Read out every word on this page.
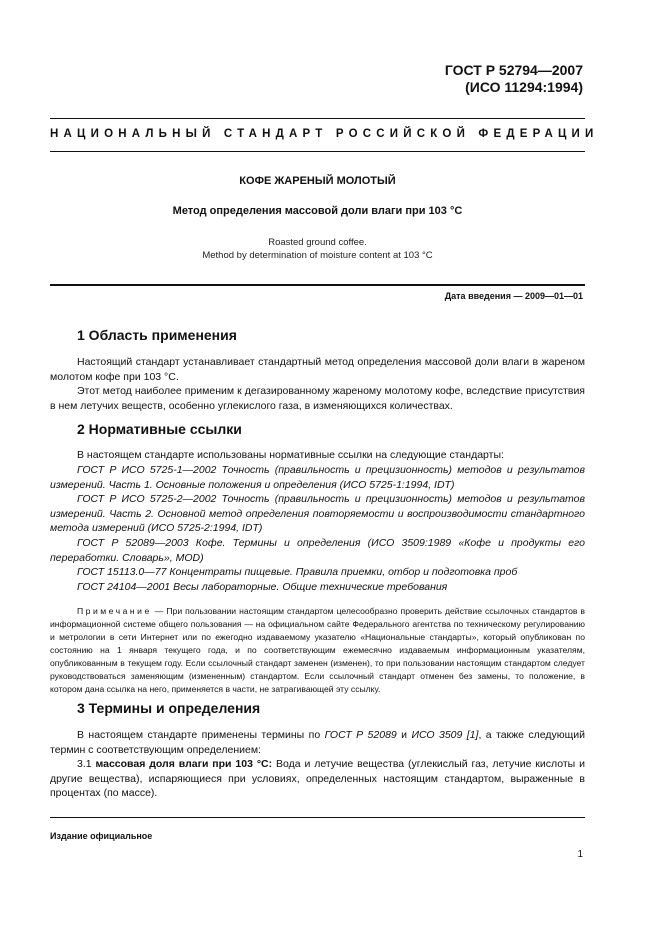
ГОСТ Р 52794—2007
(ИСО 11294:1994)
НАЦИОНАЛЬНЫЙ СТАНДАРТ РОССИЙСКОЙ ФЕДЕРАЦИИ
КОФЕ ЖАРЕНЫЙ МОЛОТЫЙ
Метод определения массовой доли влаги при 103 °С
Roasted ground coffee.
Method by determination of moisture content at 103 °C
Дата введения — 2009—01—01
1 Область применения
Настоящий стандарт устанавливает стандартный метод определения массовой доли влаги в жареном молотом кофе при 103 °С.
Этот метод наиболее применим к дегазированному жареному молотому кофе, вследствие присутствия в нем летучих веществ, особенно углекислого газа, в изменяющихся количествах.
2 Нормативные ссылки
В настоящем стандарте использованы нормативные ссылки на следующие стандарты:
ГОСТ Р ИСО 5725-1—2002 Точность (правильность и прецизионность) методов и результатов измерений. Часть 1. Основные положения и определения (ИСО 5725-1:1994, IDT)
ГОСТ Р ИСО 5725-2—2002 Точность (правильность и прецизионность) методов и результатов измерений. Часть 2. Основной метод определения повторяемости и воспроизводимости стандартного метода измерений (ИСО 5725-2:1994, IDT)
ГОСТ Р 52089—2003 Кофе. Термины и определения (ИСО 3509:1989 «Кофе и продукты его переработки. Словарь», MOD)
ГОСТ 15113.0—77 Концентраты пищевые. Правила приемки, отбор и подготовка проб
ГОСТ 24104—2001 Весы лабораторные. Общие технические требования
Примечание — При пользовании настоящим стандартом целесообразно проверить действие ссылочных стандартов в информационной системе общего пользования — на официальном сайте Федерального агентства по техническому регулированию и метрологии в сети Интернет или по ежегодно издаваемому указателю «Национальные стандарты», который опубликован по состоянию на 1 января текущего года, и по соответствующим ежемесячно издаваемым информационным указателям, опубликованным в текущем году. Если ссылочный стандарт заменен (изменен), то при пользовании настоящим стандартом следует руководствоваться заменяющим (измененным) стандартом. Если ссылочный стандарт отменен без замены, то положение, в котором дана ссылка на него, применяется в части, не затрагивающей эту ссылку.
3 Термины и определения
В настоящем стандарте применены термины по ГОСТ Р 52089 и ИСО 3509 [1], а также следующий термин с соответствующим определением:
3.1 массовая доля влаги при 103 °С: Вода и летучие вещества (углекислый газ, летучие кислоты и другие вещества), испаряющиеся при условиях, определенных настоящим стандартом, выраженные в процентах (по массе).
Издание официальное
1
